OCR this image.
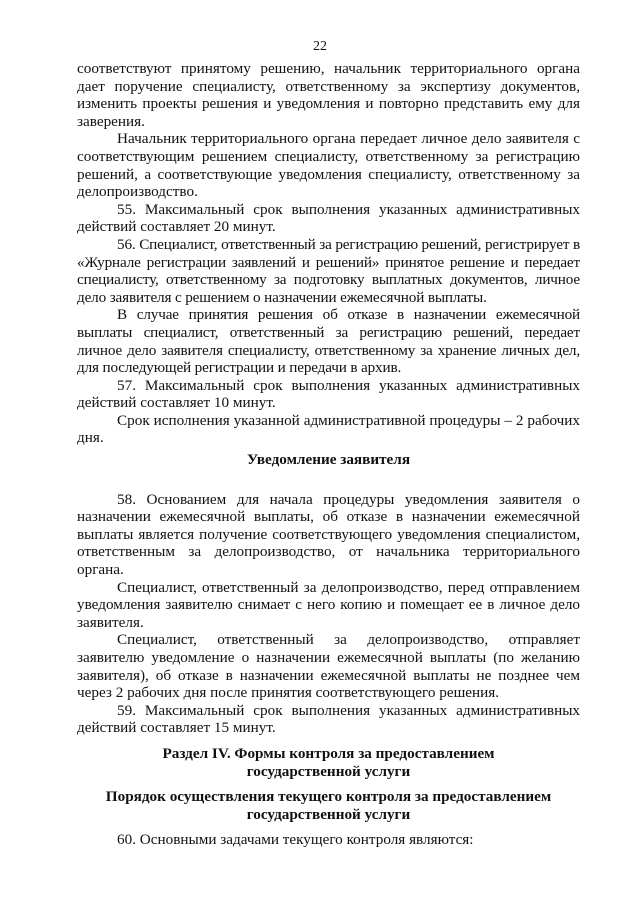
22

соответствуют принятому решению, начальник территориального органа дает поручение специалисту, ответственному за экспертизу документов, изменить проекты решения и уведомления и повторно представить ему для заверения.

Начальник территориального органа передает личное дело заявителя с соответствующим решением специалисту, ответственному за регистрацию решений, а соответствующие уведомления специалисту, ответственному за делопроизводство.

55. Максимальный срок выполнения указанных административных действий составляет 20 минут.

56. Специалист, ответственный за регистрацию решений, регистрирует в «Журнале регистрации заявлений и решений» принятое решение и передает специалисту, ответственному за подготовку выплатных документов, личное дело заявителя с решением о назначении ежемесячной выплаты.

В случае принятия решения об отказе в назначении ежемесячной выплаты специалист, ответственный за регистрацию решений, передает личное дело заявителя специалисту, ответственному за хранение личных дел, для последующей регистрации и передачи в архив.

57. Максимальный срок выполнения указанных административных действий составляет 10 минут.

Срок исполнения указанной административной процедуры – 2 рабочих дня.

Уведомление заявителя

58. Основанием для начала процедуры уведомления заявителя о назначении ежемесячной выплаты, об отказе в назначении ежемесячной выплаты является получение соответствующего уведомления специалистом, ответственным за делопроизводство, от начальника территориального органа.

Специалист, ответственный за делопроизводство, перед отправлением уведомления заявителю снимает с него копию и помещает ее в личное дело заявителя.

Специалист, ответственный за делопроизводство, отправляет заявителю уведомление о назначении ежемесячной выплаты (по желанию заявителя), об отказе в назначении ежемесячной выплаты не позднее чем через 2 рабочих дня после принятия соответствующего решения.

59. Максимальный срок выполнения указанных административных действий составляет 15 минут.

Раздел IV. Формы контроля за предоставлением
государственной услуги
Порядок осуществления текущего контроля за предоставлением
государственной услуги

60. Основными задачами текущего контроля являются:
